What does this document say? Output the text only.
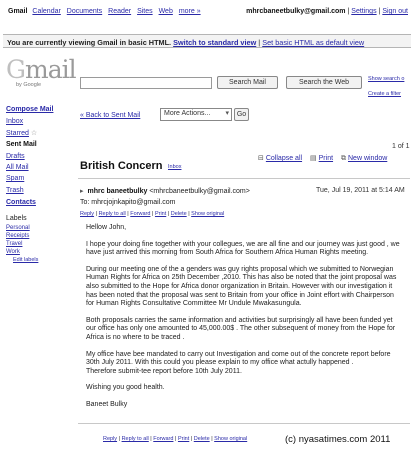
Gmail Calendar Documents Reader Sites Web more »	mhrcbaneetbulky@gmail.com | Settings | Sign out
You are currently viewing Gmail in basic HTML. Switch to standard view | Set basic HTML as default view
Gmail
by Google	Search Mail	Search the Web	Show search o
Create a filter
Compose Mail
Inbox
Starred ☆
Sent Mail
Drafts
All Mail
Spam
Trash
Contacts
Labels
Personal
Receipts
Travel
Work
Edit labels
« Back to Sent Mail	More Actions... ▾	Go
1 of 1
British Concern Inbox
⊟ Collapse all ▤ Print ⧉ New window
▸ mhrc baneetbulky <mhrcbaneetbulky@gmail.com>	Tue, Jul 19, 2011 at 5:14 AM
To: mhrcjojnkapito@gmail.com
Reply | Reply to all | Forward | Print | Delete | Show original

Hellow John,

I hope your doing fine together with your collegues, we are all fine and our journey was just good , we have just arrived this morning from South Africa for Southern Africa Human Rights meeting.

During our meeting one of the a genders was guy rights proposal which we submitted to Norwegian Human Rights for Africa on 25th December ,2010. This has also be noted that the joint proposal was also submitted to the Hope for Africa donor organization in Britain. However with our investigation it has been noted that the proposal was sent to Britain from your office in Joint effort with Chairperson for Human Rights Consultative Committee Mr Undule Mwakasungula.

Both proposals carries the same information and activities but surprisingly all have been funded yet our office has only one amounted to 45,000.00$ . The other subsequent of money from the Hope for Africa is no where to be traced .

My office have bee mandated to carry out Investigation and come out of the concrete report before 30th July 2011. With this could you please explain to my office what actully happened .
Therefore submit-tee report before 10th July 2011.

Wishing you good health.

Baneet Bulky

Reply | Reply to all | Forward | Print | Delete | Show original	(c) nyasatimes.com 2011
